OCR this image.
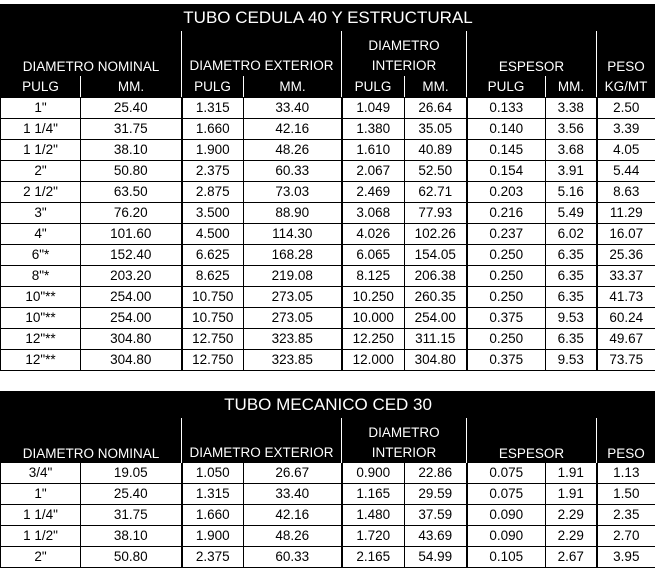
TUBO CEDULA 40 Y ESTRUCTURAL								
DIAMETRO NOMINAL		DIAMETRO EXTERIOR		DIAMETRO INTERIOR		ESPESOR		PESO
PULG	MM.	PULG	MM.	PULG	MM.	PULG	MM.	KG/MT
1"	25.40	1.315	33.40	1.049	26.64	0.133	3.38	2.50
1 1/4"	31.75	1.660	42.16	1.380	35.05	0.140	3.56	3.39
1 1/2"	38.10	1.900	48.26	1.610	40.89	0.145	3.68	4.05
2"	50.80	2.375	60.33	2.067	52.50	0.154	3.91	5.44
2 1/2"	63.50	2.875	73.03	2.469	62.71	0.203	5.16	8.63
3"	76.20	3.500	88.90	3.068	77.93	0.216	5.49	11.29
4"	101.60	4.500	114.30	4.026	102.26	0.237	6.02	16.07
6"*	152.40	6.625	168.28	6.065	154.05	0.250	6.35	25.36
8"*	203.20	8.625	219.08	8.125	206.38	0.250	6.35	33.37
10"**	254.00	10.750	273.05	10.250	260.35	0.250	6.35	41.73
10"**	254.00	10.750	273.05	10.000	254.00	0.375	9.53	60.24
12"**	304.80	12.750	323.85	12.250	311.15	0.250	6.35	49.67
12"**	304.80	12.750	323.85	12.000	304.80	0.375	9.53	73.75
TUBO MECANICO CED 30								
DIAMETRO NOMINAL		DIAMETRO EXTERIOR		DIAMETRO INTERIOR		ESPESOR		PESO
3/4"	19.05	1.050	26.67	0.900	22.86	0.075	1.91	1.13
1"	25.40	1.315	33.40	1.165	29.59	0.075	1.91	1.50
1 1/4"	31.75	1.660	42.16	1.480	37.59	0.090	2.29	2.35
1 1/2"	38.10	1.900	48.26	1.720	43.69	0.090	2.29	2.70
2"	50.80	2.375	60.33	2.165	54.99	0.105	2.67	3.95
